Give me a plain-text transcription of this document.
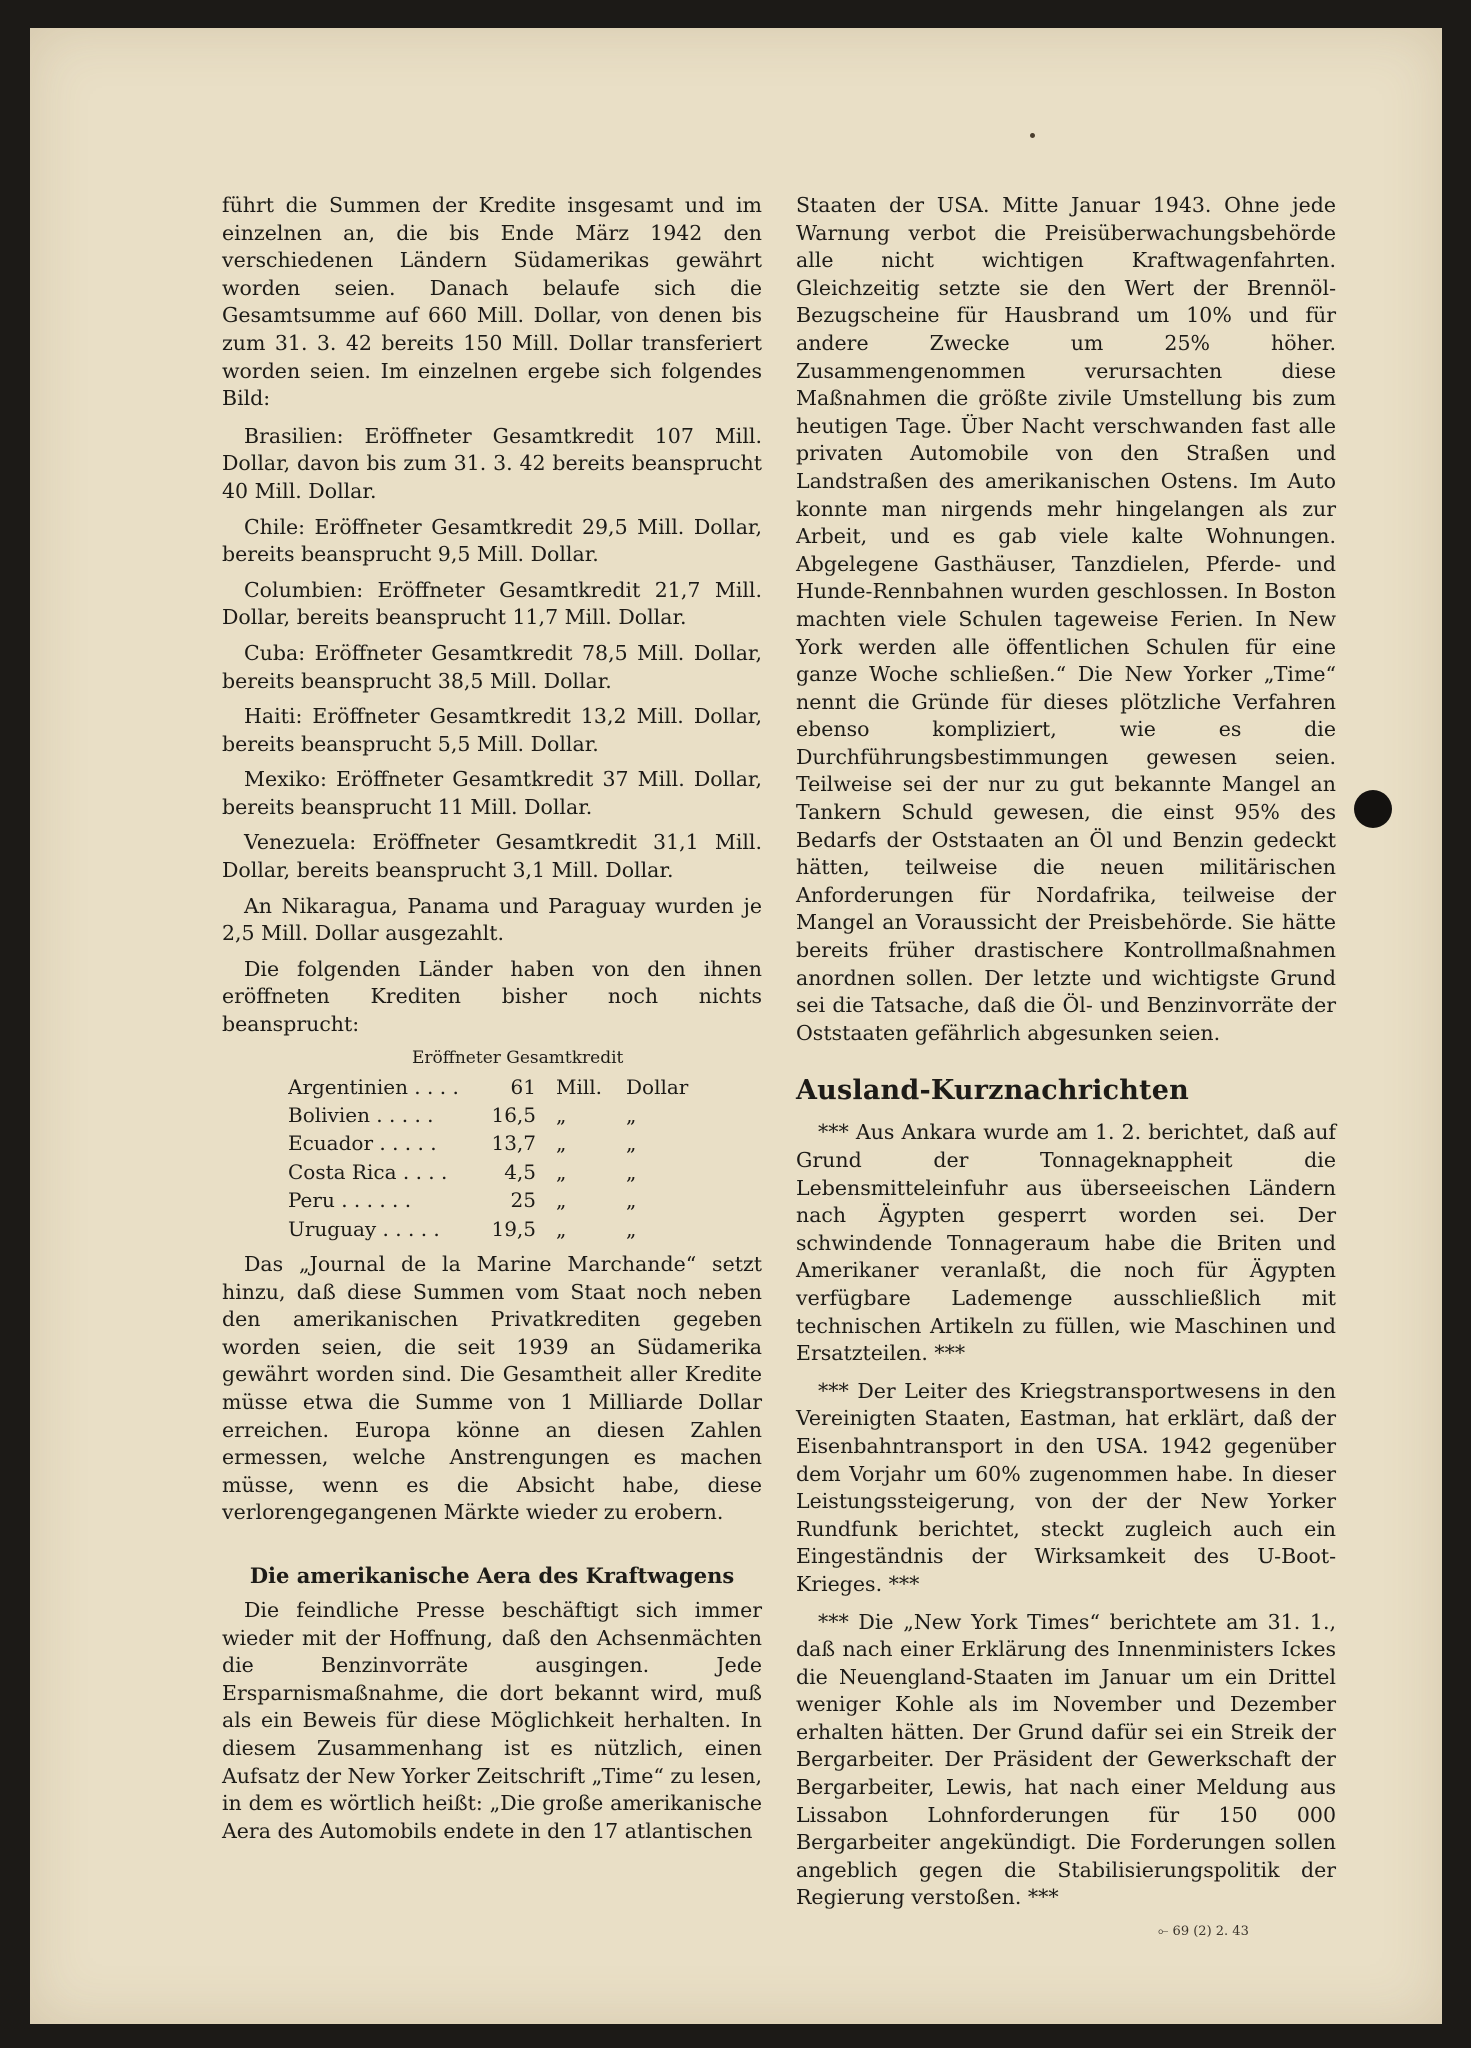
führt die Summen der Kredite insgesamt und im einzelnen an, die bis Ende März 1942 den verschiedenen Ländern Südamerikas gewährt worden seien. Danach belaufe sich die Gesamtsumme auf 660 Mill. Dollar, von denen bis zum 31. 3. 42 bereits 150 Mill. Dollar transferiert worden seien. Im einzelnen ergebe sich folgendes Bild:

Brasilien: Eröffneter Gesamtkredit 107 Mill. Dollar, davon bis zum 31. 3. 42 bereits beansprucht 40 Mill. Dollar.

Chile: Eröffneter Gesamtkredit 29,5 Mill. Dollar, bereits beansprucht 9,5 Mill. Dollar.

Columbien: Eröffneter Gesamtkredit 21,7 Mill. Dollar, bereits beansprucht 11,7 Mill. Dollar.

Cuba: Eröffneter Gesamtkredit 78,5 Mill. Dollar, bereits beansprucht 38,5 Mill. Dollar.

Haiti: Eröffneter Gesamtkredit 13,2 Mill. Dollar, bereits beansprucht 5,5 Mill. Dollar.

Mexiko: Eröffneter Gesamtkredit 37 Mill. Dollar, bereits beansprucht 11 Mill. Dollar.

Venezuela: Eröffneter Gesamtkredit 31,1 Mill. Dollar, bereits beansprucht 3,1 Mill. Dollar.

An Nikaragua, Panama und Paraguay wurden je 2,5 Mill. Dollar ausgezahlt.

Die folgenden Länder haben von den ihnen eröffneten Krediten bisher noch nichts beansprucht:

Eröffneter Gesamtkredit
Argentinien . . . .	61	Mill.	Dollar
Bolivien . . . . .	16,5	„	„
Ecuador . . . . .	13,7	„	„
Costa Rica . . . .	4,5	„	„
Peru . . . . . .	25	„	„
Uruguay . . . . .	19,5	„	„

Das „Journal de la Marine Marchande“ setzt hinzu, daß diese Summen vom Staat noch neben den amerikanischen Privatkrediten gegeben worden seien, die seit 1939 an Südamerika gewährt worden sind. Die Gesamtheit aller Kredite müsse etwa die Summe von 1 Milliarde Dollar erreichen. Europa könne an diesen Zahlen ermessen, welche Anstrengungen es machen müsse, wenn es die Absicht habe, diese verlorengegangenen Märkte wieder zu erobern.

Die amerikanische Aera des Kraftwagens

Die feindliche Presse beschäftigt sich immer wieder mit der Hoffnung, daß den Achsenmächten die Benzinvorräte ausgingen. Jede Ersparnismaßnahme, die dort bekannt wird, muß als ein Beweis für diese Möglichkeit herhalten. In diesem Zusammenhang ist es nützlich, einen Aufsatz der New Yorker Zeitschrift „Time“ zu lesen, in dem es wörtlich heißt: „Die große amerikanische Aera des Automobils endete in den 17 atlantischen

Staaten der USA. Mitte Januar 1943. Ohne jede Warnung verbot die Preisüberwachungsbehörde alle nicht wichtigen Kraftwagenfahrten. Gleichzeitig setzte sie den Wert der Brennöl-Bezugscheine für Hausbrand um 10% und für andere Zwecke um 25% höher. Zusammengenommen verursachten diese Maßnahmen die größte zivile Umstellung bis zum heutigen Tage. Über Nacht verschwanden fast alle privaten Automobile von den Straßen und Landstraßen des amerikanischen Ostens. Im Auto konnte man nirgends mehr hingelangen als zur Arbeit, und es gab viele kalte Wohnungen. Abgelegene Gasthäuser, Tanzdielen, Pferde- und Hunde-Rennbahnen wurden geschlossen. In Boston machten viele Schulen tageweise Ferien. In New York werden alle öffentlichen Schulen für eine ganze Woche schließen.“ Die New Yorker „Time“ nennt die Gründe für dieses plötzliche Verfahren ebenso kompliziert, wie es die Durchführungsbestimmungen gewesen seien. Teilweise sei der nur zu gut bekannte Mangel an Tankern Schuld gewesen, die einst 95% des Bedarfs der Oststaaten an Öl und Benzin gedeckt hätten, teilweise die neuen militärischen Anforderungen für Nordafrika, teilweise der Mangel an Voraussicht der Preisbehörde. Sie hätte bereits früher drastischere Kontrollmaßnahmen anordnen sollen. Der letzte und wichtigste Grund sei die Tatsache, daß die Öl- und Benzinvorräte der Oststaaten gefährlich abgesunken seien.

Ausland-Kurznachrichten

*** Aus Ankara wurde am 1. 2. berichtet, daß auf Grund der Tonnageknappheit die Lebensmitteleinfuhr aus überseeischen Ländern nach Ägypten gesperrt worden sei. Der schwindende Tonnageraum habe die Briten und Amerikaner veranlaßt, die noch für Ägypten verfügbare Lademenge ausschließlich mit technischen Artikeln zu füllen, wie Maschinen und Ersatzteilen. ***

*** Der Leiter des Kriegstransportwesens in den Vereinigten Staaten, Eastman, hat erklärt, daß der Eisenbahntransport in den USA. 1942 gegenüber dem Vorjahr um 60% zugenommen habe. In dieser Leistungssteigerung, von der der New Yorker Rundfunk berichtet, steckt zugleich auch ein Eingeständnis der Wirksamkeit des U-Boot-Krieges. ***

*** Die „New York Times“ berichtete am 31. 1., daß nach einer Erklärung des Innenministers Ickes die Neuengland-Staaten im Januar um ein Drittel weniger Kohle als im November und Dezember erhalten hätten. Der Grund dafür sei ein Streik der Bergarbeiter. Der Präsident der Gewerkschaft der Bergarbeiter, Lewis, hat nach einer Meldung aus Lissabon Lohnforderungen für 150 000 Bergarbeiter angekündigt. Die Forderungen sollen angeblich gegen die Stabilisierungspolitik der Regierung verstoßen. ***

⟜ 69 (2) 2. 43
